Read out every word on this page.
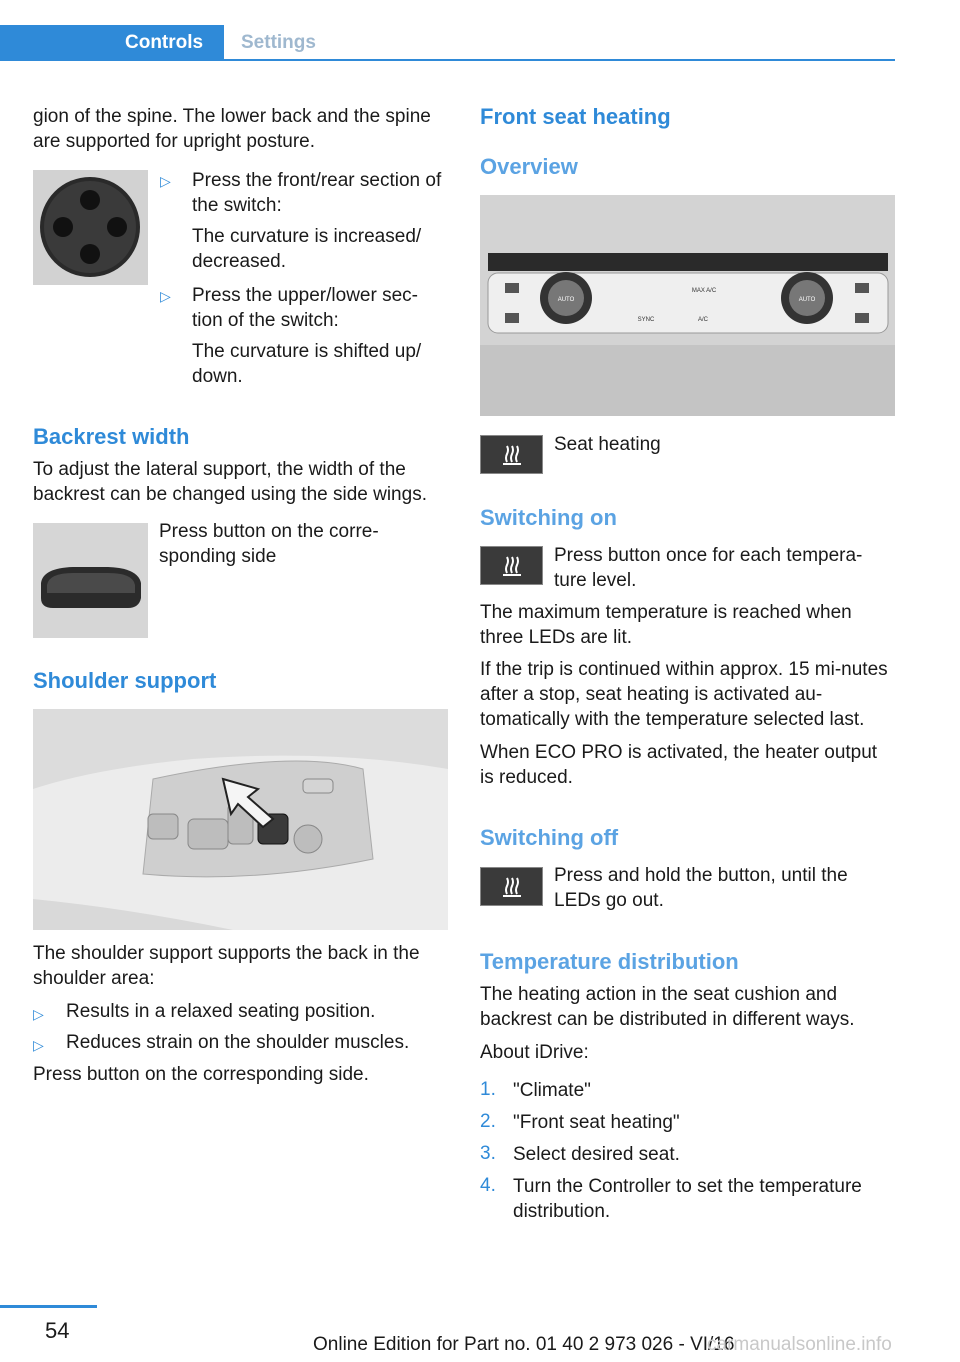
Controls	Settings
gion of the spine. The lower back and the spine are supported for upright posture.
▷ Press the front/rear section of the switch:
The curvature is increased/ decreased.
▷ Press the upper/lower sec-tion of the switch:
The curvature is shifted up/ down.
Backrest width
To adjust the lateral support, the width of the backrest can be changed using the side wings.
Press button on the corre-sponding side
Shoulder support
The shoulder support supports the back in the shoulder area:
▷ Results in a relaxed seating position.
▷ Reduces strain on the shoulder muscles.
Press button on the corresponding side.
Front seat heating
Overview
AUTO	AUTO
MAX A/C
SYNC	A/C
Seat heating
Switching on
Press button once for each tempera-ture level.
The maximum temperature is reached when three LEDs are lit.
If the trip is continued within approx. 15 mi-nutes after a stop, seat heating is activated au-tomatically with the temperature selected last.
When ECO PRO is activated, the heater output is reduced.
Switching off
Press and hold the button, until the LEDs go out.
Temperature distribution
The heating action in the seat cushion and backrest can be distributed in different ways.
About iDrive:
1. "Climate"
2. "Front seat heating"
3. Select desired seat.
4. Turn the Controller to set the temperature distribution.
54
Online Edition for Part no. 01 40 2 973 026 - VI/16
carmanualsonline.info
